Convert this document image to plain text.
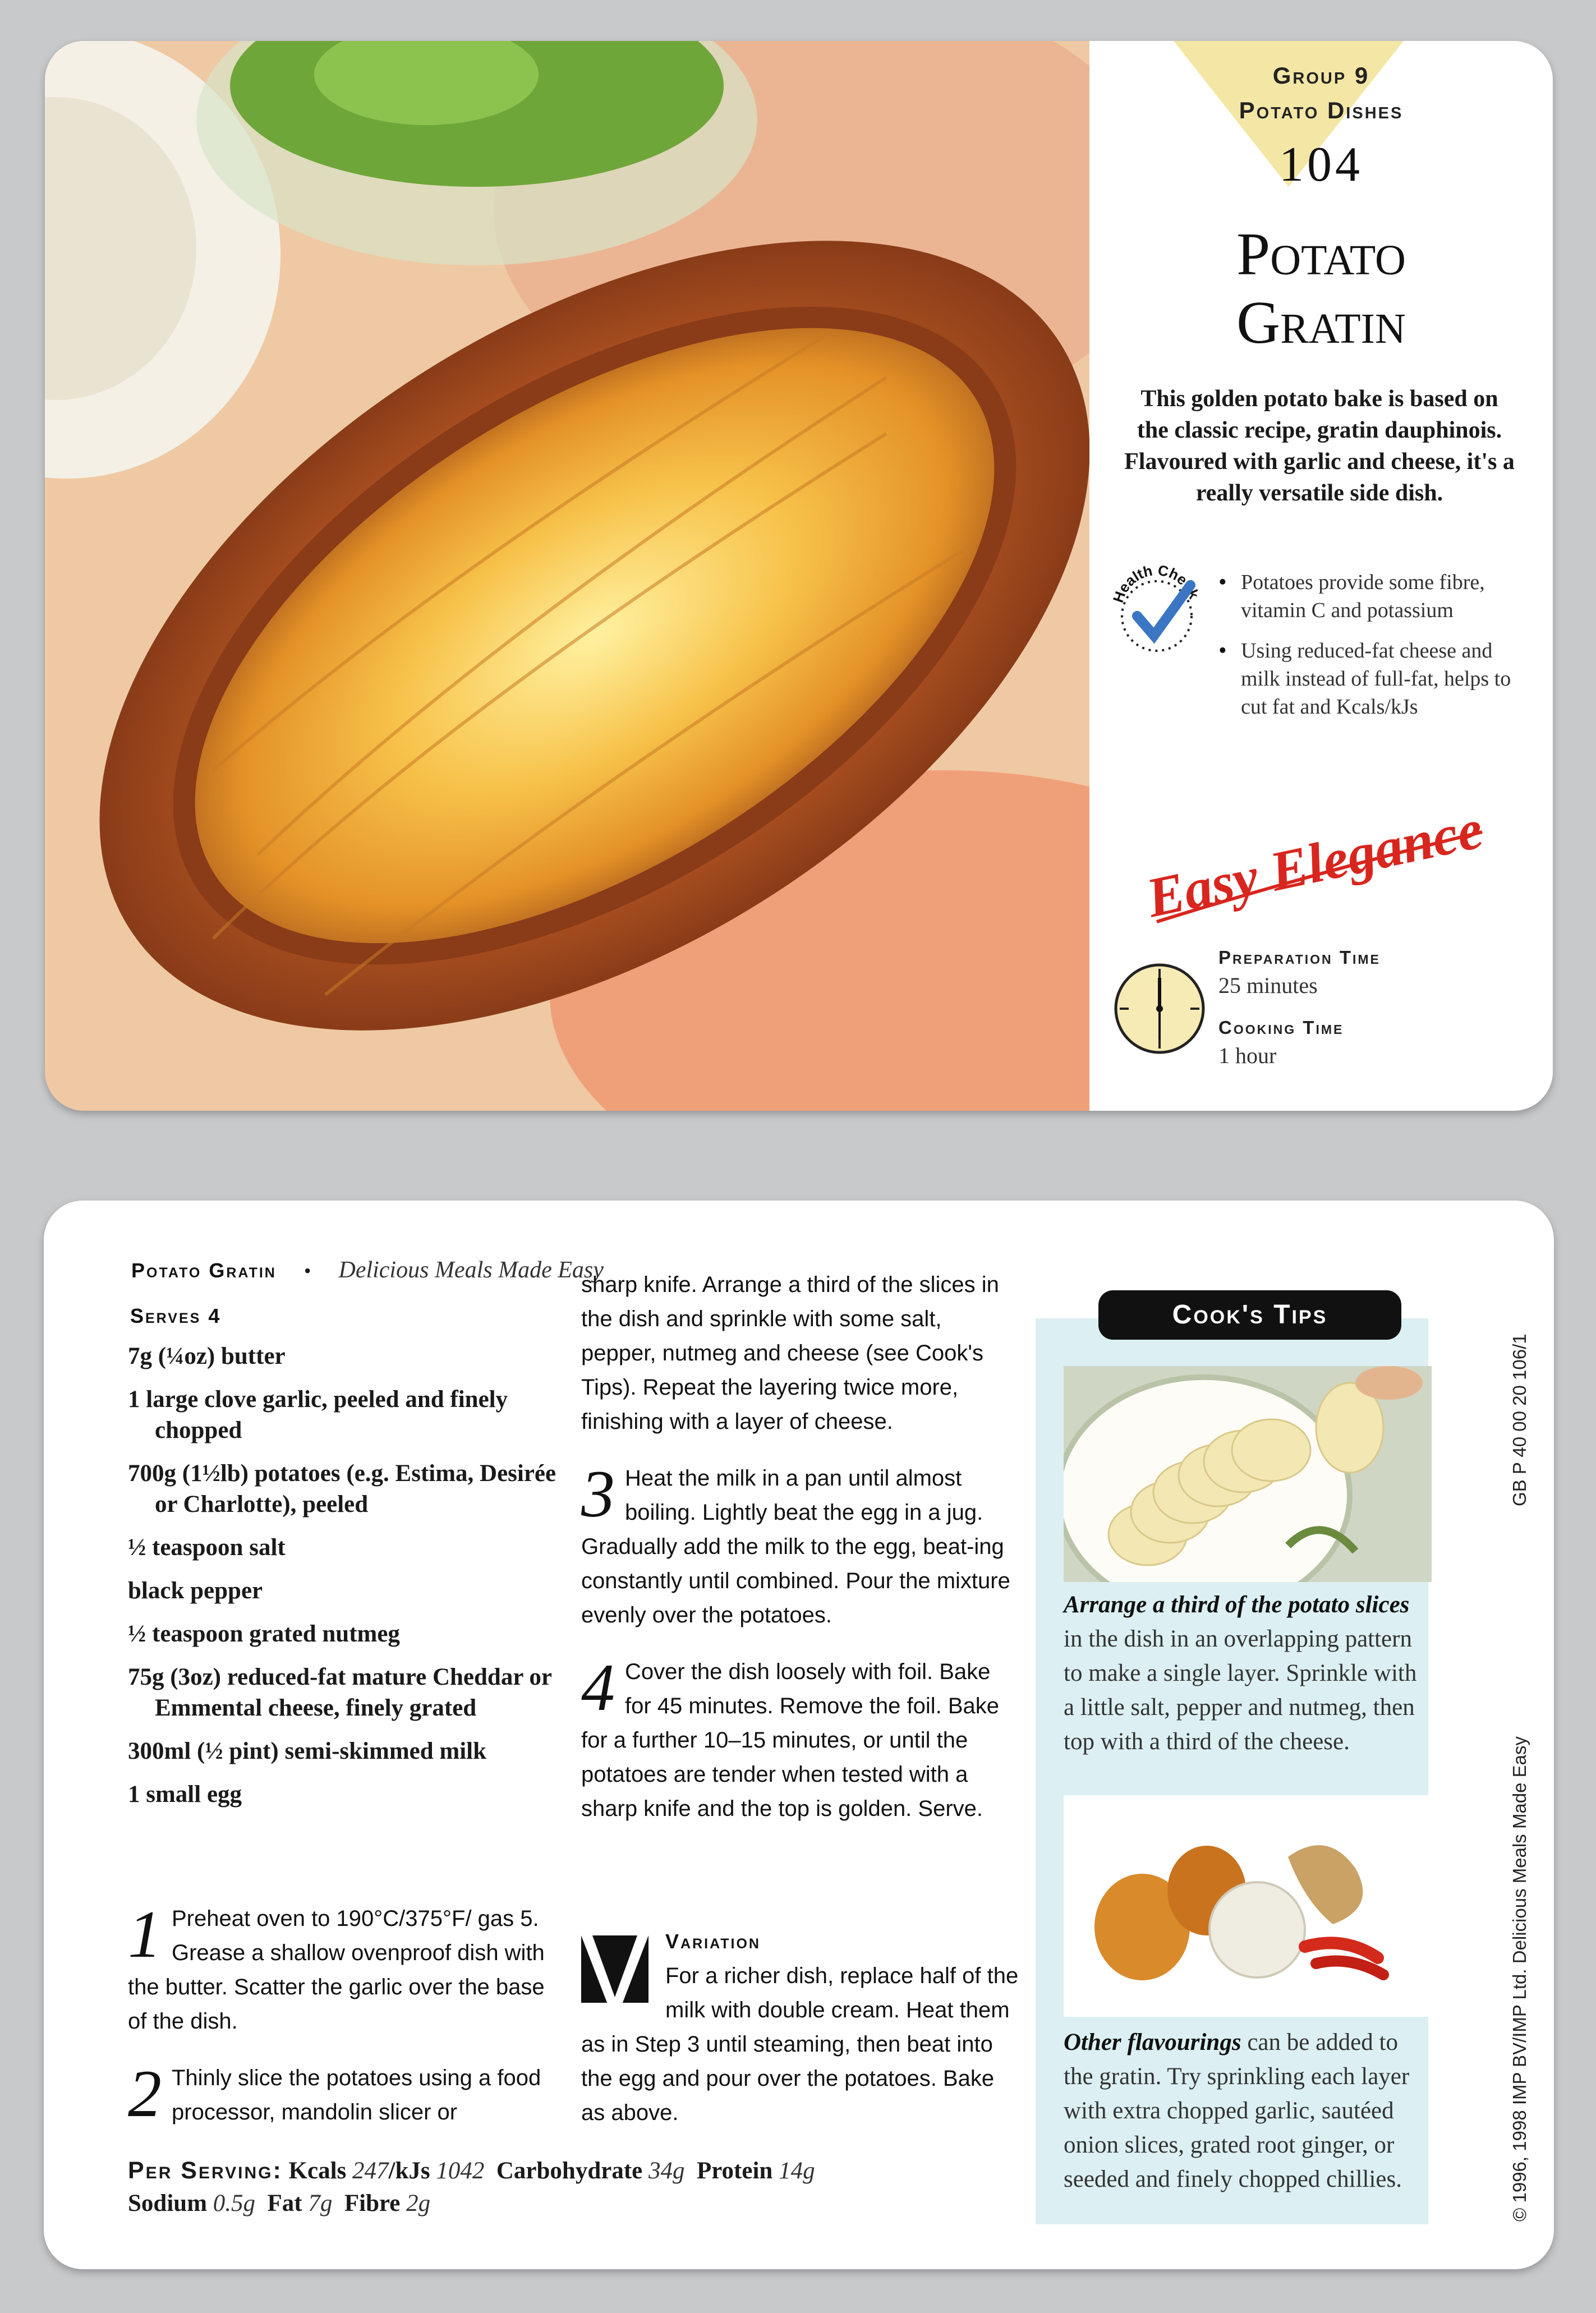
Group 9
Potato Dishes
104
Potato
Gratin
This golden potato bake is based on the classic recipe, gratin dauphinois. Flavoured with garlic and cheese, it's a really versatile side dish.
Health Check
• Potatoes provide some fibre, vitamin C and potassium
• Using reduced-fat cheese and milk instead of full-fat, helps to cut fat and Kcals/kJs
Easy Elegance
Preparation Time
25 minutes
Cooking Time
1 hour
Potato Gratin • Delicious Meals Made Easy
Serves 4
7g (¼oz) butter
1 large clove garlic, peeled and finely chopped
700g (1½lb) potatoes (e.g. Estima, Desirée or Charlotte), peeled
½ teaspoon salt
black pepper
½ teaspoon grated nutmeg
75g (3oz) reduced-fat mature Cheddar or Emmental cheese, finely grated
300ml (½ pint) semi-skimmed milk
1 small egg
1 Preheat oven to 190°C/375°F/ gas 5. Grease a shallow ovenproof dish with the butter. Scatter the garlic over the base of the dish.
2 Thinly slice the potatoes using a food processor, mandolin slicer or
sharp knife. Arrange a third of the slices in the dish and sprinkle with some salt, pepper, nutmeg and cheese (see Cook's Tips). Repeat the layering twice more, finishing with a layer of cheese.
3 Heat the milk in a pan until almost boiling. Lightly beat the egg in a jug. Gradually add the milk to the egg, beat-ing constantly until combined. Pour the mixture evenly over the potatoes.
4 Cover the dish loosely with foil. Bake for 45 minutes. Remove the foil. Bake for a further 10–15 minutes, or until the potatoes are tender when tested with a sharp knife and the top is golden. Serve.
Variation
For a richer dish, replace half of the milk with double cream. Heat them as in Step 3 until steaming, then beat into the egg and pour over the potatoes. Bake as above.
Per Serving: Kcals 247/kJs 1042 Carbohydrate 34g Protein 14g
Sodium 0.5g Fat 7g Fibre 2g
Cook's Tips
Arrange a third of the potato slices in the dish in an overlapping pattern to make a single layer. Sprinkle with a little salt, pepper and nutmeg, then top with a third of the cheese.
Other flavourings can be added to the gratin. Try sprinkling each layer with extra chopped garlic, sautéed onion slices, grated root ginger, or seeded and finely chopped chillies.
GB P 40 00 20 106/1
© 1996, 1998 IMP BV/IMP Ltd. Delicious Meals Made Easy
